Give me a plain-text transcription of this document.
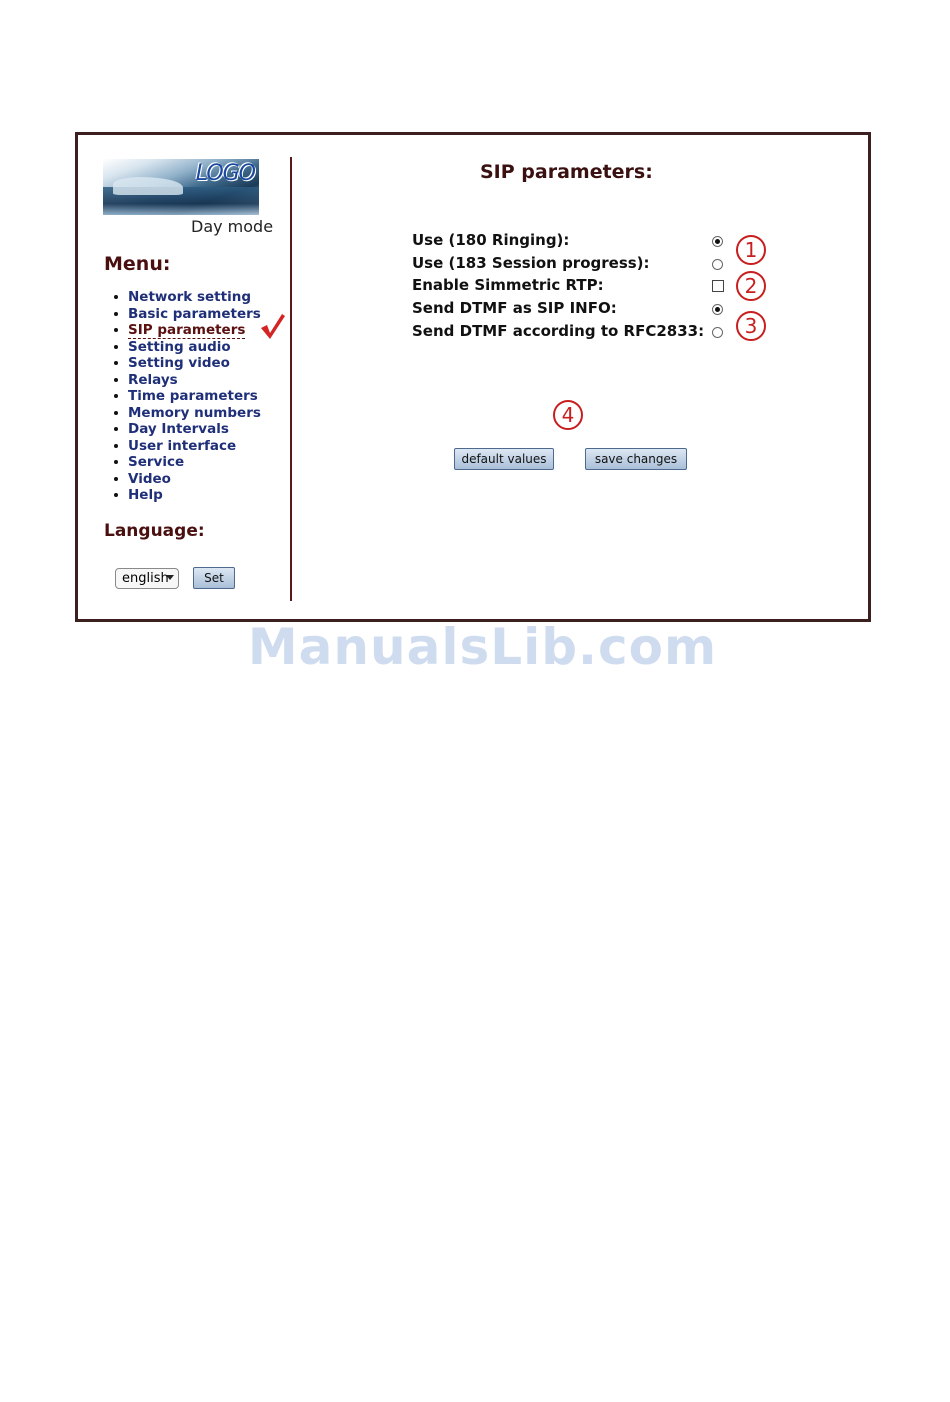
LOGO
Day mode
Menu:
Network setting
Basic parameters
SIP parameters
Setting audio
Setting video
Relays
Time parameters
Memory numbers
Day Intervals
User interface
Service
Video
Help
Language:
english	Set
SIP parameters:
Use (180 Ringing):
Use (183 Session progress):
Enable Simmetric RTP:
Send DTMF as SIP INFO:
Send DTMF according to RFC2833:
1
2
3
4
default values	save changes
ManualsLib.com
